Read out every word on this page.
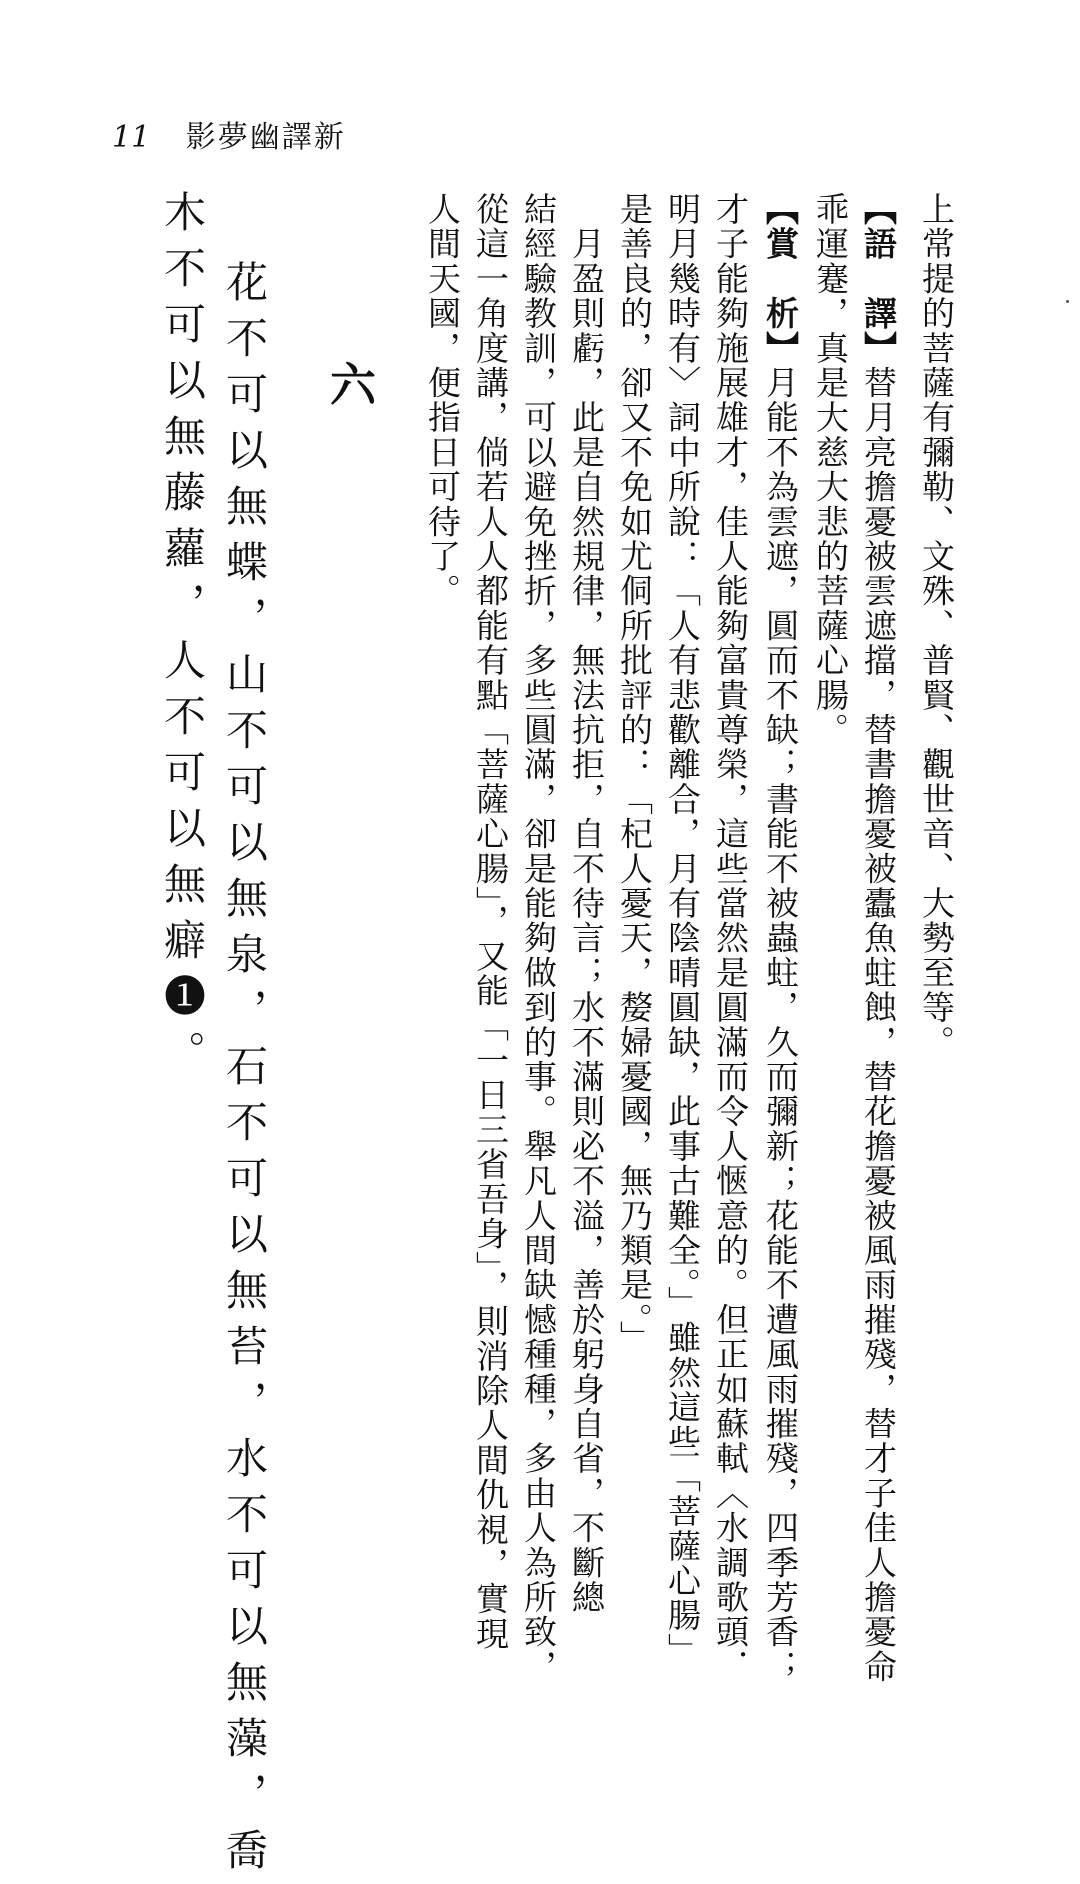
11 影夢幽譯新
上常提的菩薩有彌勒、文殊、普賢、觀世音、大勢至等。
【語　譯】替月亮擔憂被雲遮擋，替書擔憂被蠹魚蛀蝕，替花擔憂被風雨摧殘，替才子佳人擔憂命
乖運蹇，真是大慈大悲的菩薩心腸。
【賞　析】月能不為雲遮，圓而不缺；書能不被蟲蛀，久而彌新；花能不遭風雨摧殘，四季芳香；
才子能夠施展雄才，佳人能夠富貴尊榮，這些當然是圓滿而令人愜意的。但正如蘇軾〈水調歌頭．
明月幾時有〉詞中所說：「人有悲歡離合，月有陰晴圓缺，此事古難全。」雖然這些「菩薩心腸」
是善良的，卻又不免如尤侗所批評的：「杞人憂天，嫠婦憂國，無乃類是。」
　月盈則虧，此是自然規律，無法抗拒，自不待言；水不滿則必不溢，善於躬身自省，不斷總
結經驗教訓，可以避免挫折，多些圓滿，卻是能夠做到的事。舉凡人間缺憾種種，多由人為所致，
從這一角度講，倘若人人都能有點「菩薩心腸」，又能「一日三省吾身」，則消除人間仇視，實現
人間天國，便指日可待了。
六
花不可以無蝶，山不可以無泉，石不可以無苔，水不可以無藻，喬
木不可以無藤蘿，人不可以無癖❶。
